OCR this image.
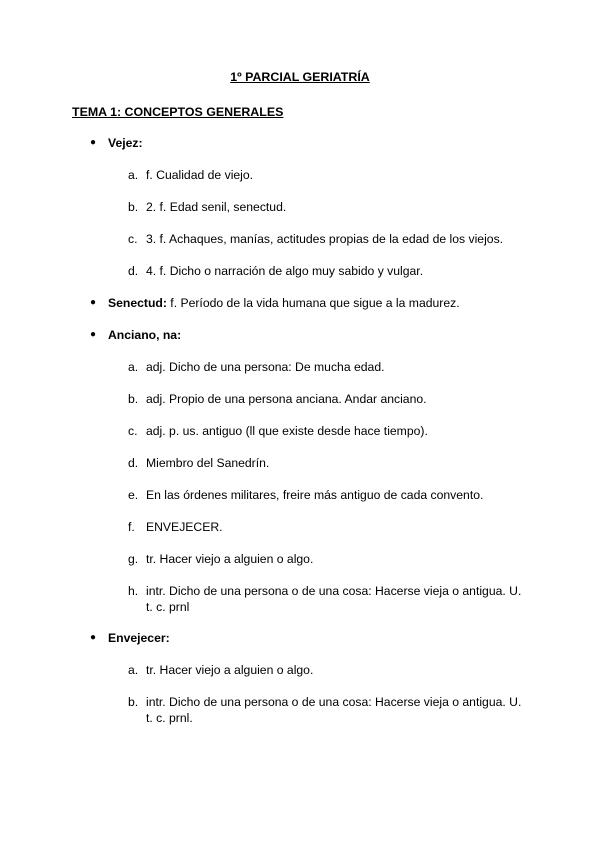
1º PARCIAL GERIATRÍA
TEMA 1: CONCEPTOS GENERALES
● Vejez:
a. f. Cualidad de viejo.
b. 2. f. Edad senil, senectud.
c. 3. f. Achaques, manías, actitudes propias de la edad de los viejos.
d. 4. f. Dicho o narración de algo muy sabido y vulgar.
● Senectud: f. Período de la vida humana que sigue a la madurez.
● Anciano, na:
a. adj. Dicho de una persona: De mucha edad.
b. adj. Propio de una persona anciana. Andar anciano.
c. adj. p. us. antiguo (ll que existe desde hace tiempo).
d. Miembro del Sanedrín.
e. En las órdenes militares, freire más antiguo de cada convento.
f. ENVEJECER.
g. tr. Hacer viejo a alguien o algo.
h. intr. Dicho de una persona o de una cosa: Hacerse vieja o antigua. U. t. c. prnl
● Envejecer:
a. tr. Hacer viejo a alguien o algo.
b. intr. Dicho de una persona o de una cosa: Hacerse vieja o antigua. U. t. c. prnl.
